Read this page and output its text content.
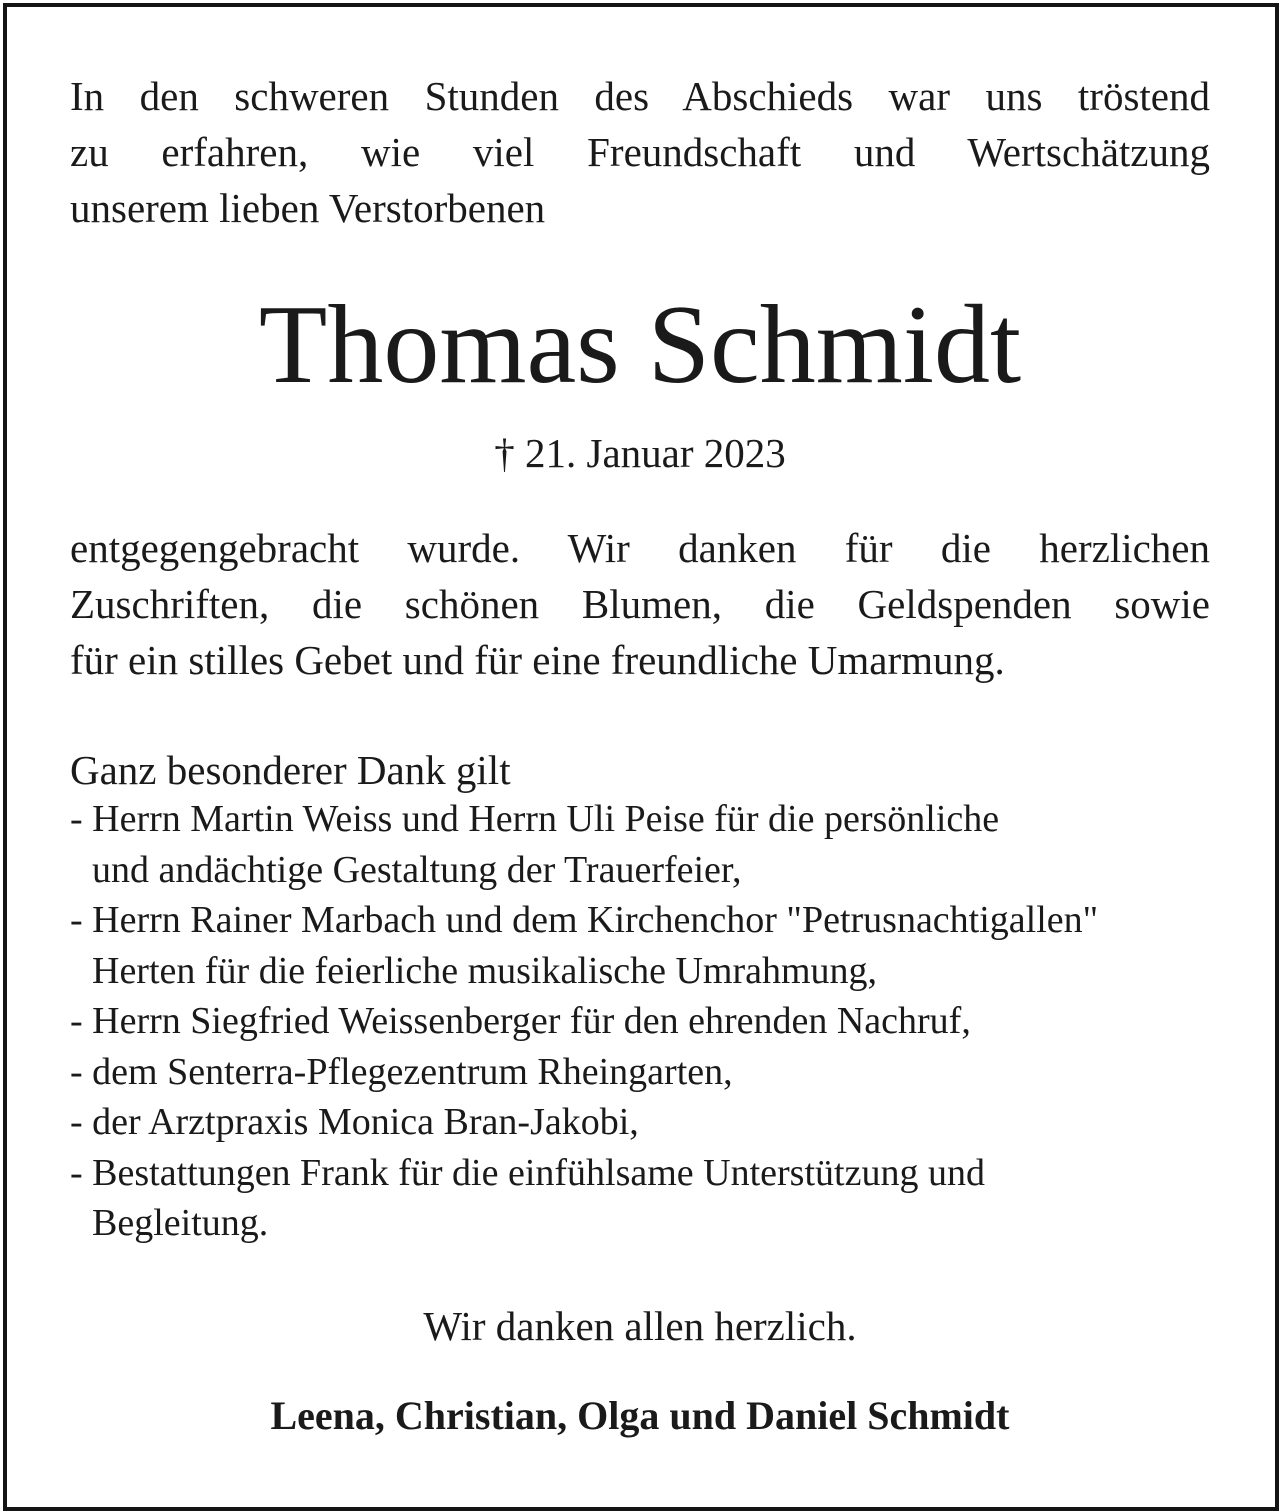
In den schweren Stunden des Abschieds war uns tröstend
zu erfahren, wie viel Freundschaft und Wertschätzung
unserem lieben Verstorbenen
Thomas Schmidt
† 21. Januar 2023
entgegengebracht wurde. Wir danken für die herzlichen
Zuschriften, die schönen Blumen, die Geldspenden sowie
für ein stilles Gebet und für eine freundliche Umarmung.
Ganz besonderer Dank gilt
- Herrn Martin Weiss und Herrn Uli Peise für die persönliche
und andächtige Gestaltung der Trauerfeier,
- Herrn Rainer Marbach und dem Kirchenchor "Petrusnachtigallen"
Herten für die feierliche musikalische Umrahmung,
- Herrn Siegfried Weissenberger für den ehrenden Nachruf,
- dem Senterra-Pflegezentrum Rheingarten,
- der Arztpraxis Monica Bran-Jakobi,
- Bestattungen Frank für die einfühlsame Unterstützung und
Begleitung.
Wir danken allen herzlich.
Leena, Christian, Olga und Daniel Schmidt
